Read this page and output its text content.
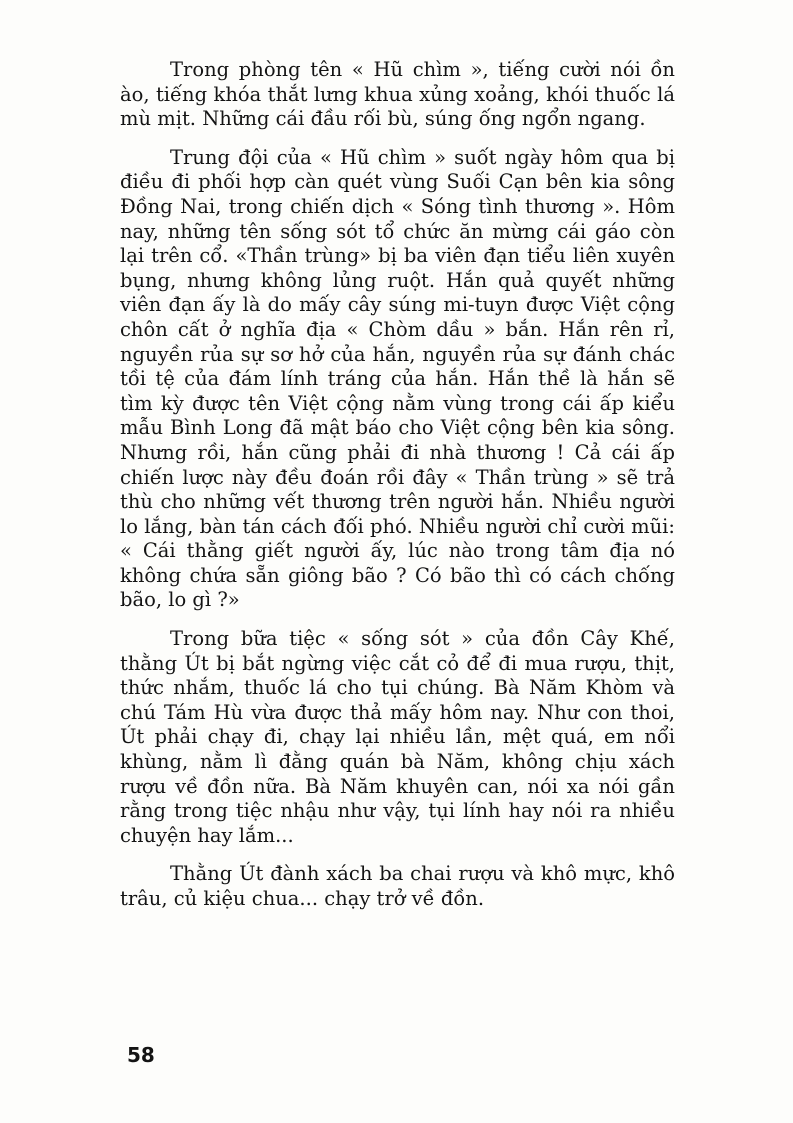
Trong phòng tên « Hũ chìm », tiếng cười nói ồn ào, tiếng khóa thắt lưng khua xủng xoảng, khói thuốc lá mù mịt. Những cái đầu rối bù, súng ống ngổn ngang.

Trung đội của « Hũ chìm » suốt ngày hôm qua bị điều đi phối hợp càn quét vùng Suối Cạn bên kia sông Đồng Nai, trong chiến dịch « Sóng tình thương ». Hôm nay, những tên sống sót tổ chức ăn mừng cái gáo còn lại trên cổ. «Thần trùng» bị ba viên đạn tiểu liên xuyên bụng, nhưng không lủng ruột. Hắn quả quyết những viên đạn ấy là do mấy cây súng mi-tuyn được Việt cộng chôn cất ở nghĩa địa « Chòm dầu » bắn. Hắn rên rỉ, nguyền rủa sự sơ hở của hắn, nguyền rủa sự đánh chác tồi tệ của đám lính tráng của hắn. Hắn thề là hắn sẽ tìm kỳ được tên Việt cộng nằm vùng trong cái ấp kiểu mẫu Bình Long đã mật báo cho Việt cộng bên kia sông. Nhưng rồi, hắn cũng phải đi nhà thương ! Cả cái ấp chiến lược này đều đoán rồi đây « Thần trùng » sẽ trả thù cho những vết thương trên người hắn. Nhiều người lo lắng, bàn tán cách đối phó. Nhiều người chỉ cười mũi: « Cái thằng giết người ấy, lúc nào trong tâm địa nó không chứa sẵn giông bão ? Có bão thì có cách chống bão, lo gì ?»

Trong bữa tiệc « sống sót » của đồn Cây Khế, thằng Út bị bắt ngừng việc cắt cỏ để đi mua rượu, thịt, thức nhắm, thuốc lá cho tụi chúng. Bà Năm Khòm và chú Tám Hù vừa được thả mấy hôm nay. Như con thoi, Út phải chạy đi, chạy lại nhiều lần, mệt quá, em nổi khùng, nằm lì đằng quán bà Năm, không chịu xách rượu về đồn nữa. Bà Năm khuyên can, nói xa nói gần rằng trong tiệc nhậu như vậy, tụi lính hay nói ra nhiều chuyện hay lắm...

Thằng Út đành xách ba chai rượu và khô mực, khô trâu, củ kiệu chua... chạy trở về đồn.

58
